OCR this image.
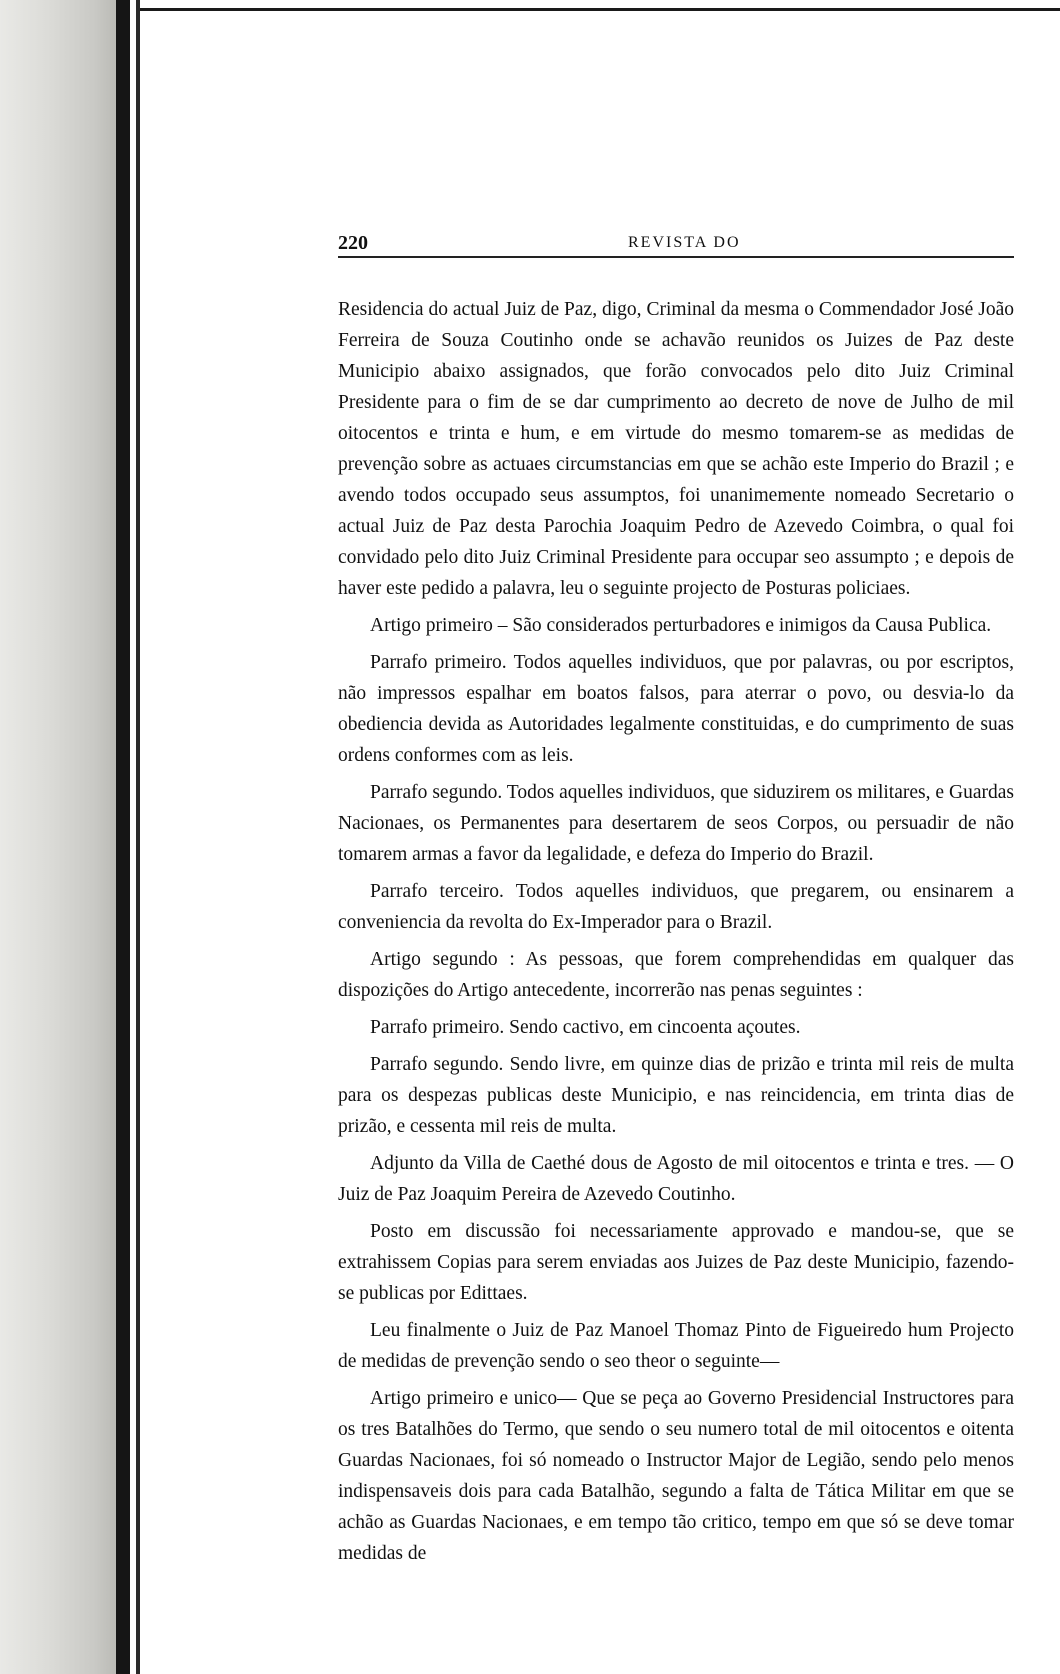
220	REVISTA DO

Residencia do actual Juiz de Paz, digo, Criminal da mesma o Commendador José João Ferreira de Souza Coutinho onde se achavão reunidos os Juizes de Paz deste Municipio abaixo assignados, que forão convocados pelo dito Juiz Criminal Presidente para o fim de se dar cumprimento ao decreto de nove de Julho de mil oitocentos e trinta e hum, e em virtude do mesmo tomarem-se as medidas de prevenção sobre as actuaes circumstancias em que se achão este Imperio do Brazil ; e avendo todos occupado seus assumptos, foi unanimemente nomeado Secretario o actual Juiz de Paz desta Parochia Joaquim Pedro de Azevedo Coimbra, o qual foi convidado pelo dito Juiz Criminal Presidente para occupar seo assumpto ; e depois de haver este pedido a palavra, leu o seguinte projecto de Posturas policiaes.

Artigo primeiro – São considerados perturbadores e inimigos da Causa Publica.

Parrafo primeiro. Todos aquelles individuos, que por palavras, ou por escriptos, não impressos espalhar em boatos falsos, para aterrar o povo, ou desvia-lo da obediencia devida as Autoridades legalmente constituidas, e do cumprimento de suas ordens conformes com as leis.

Parrafo segundo. Todos aquelles individuos, que siduzirem os militares, e Guardas Nacionaes, os Permanentes para desertarem de seos Corpos, ou persuadir de não tomarem armas a favor da legalidade, e defeza do Imperio do Brazil.

Parrafo terceiro. Todos aquelles individuos, que pregarem, ou ensinarem a conveniencia da revolta do Ex-Imperador para o Brazil.

Artigo segundo : As pessoas, que forem comprehendidas em qualquer das dispozições do Artigo antecedente, incorrerão nas penas seguintes :

Parrafo primeiro. Sendo cactivo, em cincoenta açoutes.

Parrafo segundo. Sendo livre, em quinze dias de prizão e trinta mil reis de multa para os despezas publicas deste Municipio, e nas reincidencia, em trinta dias de prizão, e cessenta mil reis de multa.

Adjunto da Villa de Caethé dous de Agosto de mil oitocentos e trinta e tres. — O Juiz de Paz Joaquim Pereira de Azevedo Coutinho.

Posto em discussão foi necessariamente approvado e mandou-se, que se extrahissem Copias para serem enviadas aos Juizes de Paz deste Municipio, fazendo-se publicas por Edittaes.

Leu finalmente o Juiz de Paz Manoel Thomaz Pinto de Figueiredo hum Projecto de medidas de prevenção sendo o seo theor o seguinte—

Artigo primeiro e unico— Que se peça ao Governo Presidencial Instructores para os tres Batalhões do Termo, que sendo o seu numero total de mil oitocentos e oitenta Guardas Nacionaes, foi só nomeado o Instructor Major de Legião, sendo pelo menos indispensaveis dois para cada Batalhão, segundo a falta de Tática Militar em que se achão as Guardas Nacionaes, e em tempo tão critico, tempo em que só se deve tomar medidas de
